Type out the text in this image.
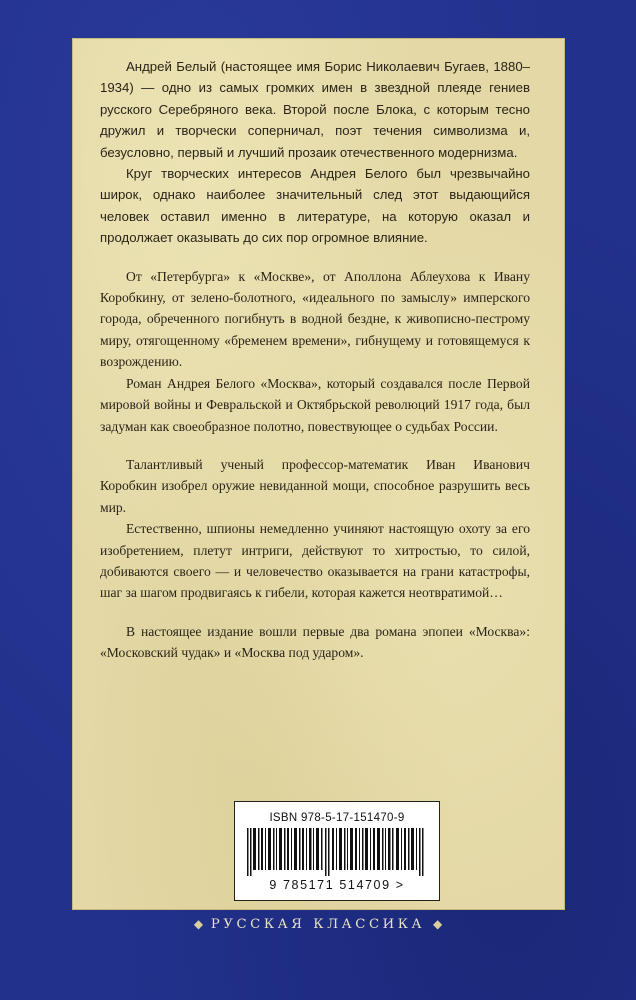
Андрей Белый (настоящее имя Борис Николаевич Бугаев, 1880–1934) — одно из самых громких имен в звездной плеяде гениев русского Серебряного века. Второй после Блока, с которым тесно дружил и творчески соперничал, поэт течения символизма и, безусловно, первый и лучший прозаик отечественного модернизма.

Круг творческих интересов Андрея Белого был чрезвычайно широк, однако наиболее значительный след этот выдающийся человек оставил именно в литературе, на которую оказал и продолжает оказывать до сих пор огромное влияние.

От «Петербурга» к «Москве», от Аполлона Аблеухова к Ивану Коробкину, от зелено-болотного, «идеального по замыслу» имперского города, обреченного погибнуть в водной бездне, к живописно-пестрому миру, отягощенному «бременем времени», гибнущему и готовящемуся к возрождению.

Роман Андрея Белого «Москва», который создавался после Первой мировой войны и Февральской и Октябрьской революций 1917 года, был задуман как своеобразное полотно, повествующее о судьбах России.

Талантливый ученый профессор-математик Иван Иванович Коробкин изобрел оружие невиданной мощи, способное разрушить весь мир.

Естественно, шпионы немедленно учиняют настоящую охоту за его изобретением, плетут интриги, действуют то хитростью, то силой, добиваются своего — и человечество оказывается на грани катастрофы, шаг за шагом продвигаясь к гибели, которая кажется неотвратимой…

В настоящее издание вошли первые два романа эпопеи «Москва»: «Московский чудак» и «Москва под ударом».

ISBN 978-5-17-151470-9
9 785171 514709 >
◆ РУССКАЯ КЛАССИКА ◆
